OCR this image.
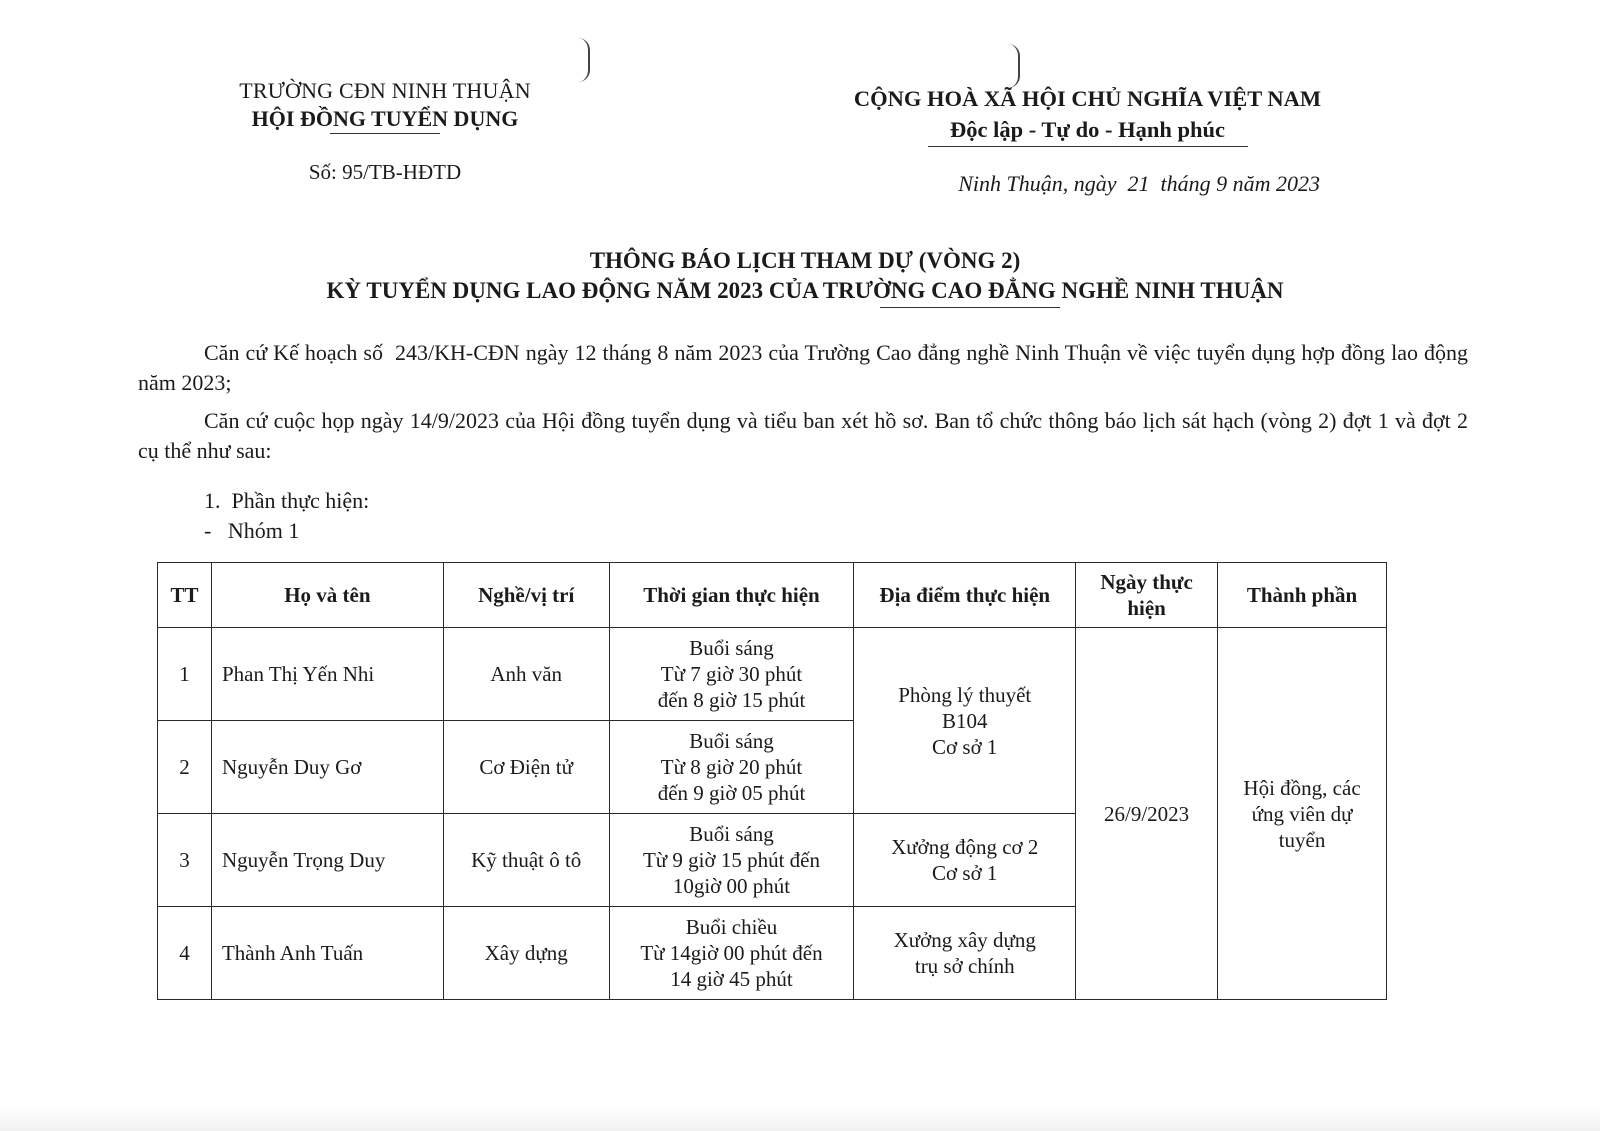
TRƯỜNG CĐN NINH THUẬN
HỘI ĐỒNG TUYỂN DỤNG
Số: 95/TB-HĐTD
CỘNG HOÀ XÃ HỘI CHỦ NGHĨA VIỆT NAM
Độc lập - Tự do - Hạnh phúc
Ninh Thuận, ngày  21  tháng 9 năm 2023
THÔNG BÁO LỊCH THAM DỰ (VÒNG 2)
KỲ TUYỂN DỤNG LAO ĐỘNG NĂM 2023 CỦA TRƯỜNG CAO ĐẲNG NGHỀ NINH THUẬN

Căn cứ Kế hoạch số  243/KH-CĐN ngày 12 tháng 8 năm 2023 của Trường Cao đẳng nghề Ninh Thuận về việc tuyển dụng hợp đồng lao động năm 2023;

Căn cứ cuộc họp ngày 14/9/2023 của Hội đồng tuyển dụng và tiểu ban xét hồ sơ. Ban tổ chức thông báo lịch sát hạch (vòng 2) đợt 1 và đợt 2 cụ thể như sau:

1.  Phần thực hiện:
-   Nhóm 1
TT	Họ và tên	Nghề/vị trí	Thời gian thực hiện	Địa điểm thực hiện	Ngày thực hiện	Thành phần
1	Phan Thị Yến Nhi	Anh văn	Buổi sáng
Từ 7 giờ 30 phút
đến 8 giờ 15 phút	Phòng lý thuyết
B104
Cơ sở 1	26/9/2023	Hội đồng, các
ứng viên dự
tuyển
2	Nguyễn Duy Gơ	Cơ Điện tử	Buổi sáng
Từ 8 giờ 20 phút
đến 9 giờ 05 phút			
3	Nguyễn Trọng Duy	Kỹ thuật ô tô	Buổi sáng
Từ 9 giờ 15 phút đến
10giờ 00 phút	Xưởng động cơ 2
Cơ sở 1		
4	Thành Anh Tuấn	Xây dựng	Buổi chiều
Từ 14giờ 00 phút đến
14 giờ 45 phút	Xưởng xây dựng
trụ sở chính		
